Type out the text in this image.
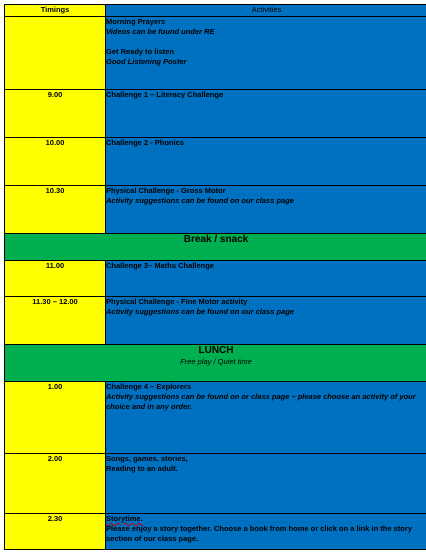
Timings	Activities

	Morning Prayers
Videos can be found under RE
Get Ready to listen
Good Listening Poster

9.00	Challenge 1 – Literacy Challenge

10.00	Challenge 2 - Phonics

10.30	Physical Challenge - Gross Motor
Activity suggestions can be found on our class page

Break / snack	

11.00	Challenge 3– Maths Challenge

11.30 – 12.00	Physical Challenge - Fine Motor activity
Activity suggestions can be found on our class page

LUNCH
Free play / Quiet time	

1.00	Challenge 4 – Explorers
Activity suggestions can be found on or class page – please choose an activity of your choice and in any order.

2.00	Songs, games, stories,
Reading to an adult.

2.30	Storytime.
Please enjoy a story together. Choose a book from home or click on a link in the story section of our class page.
